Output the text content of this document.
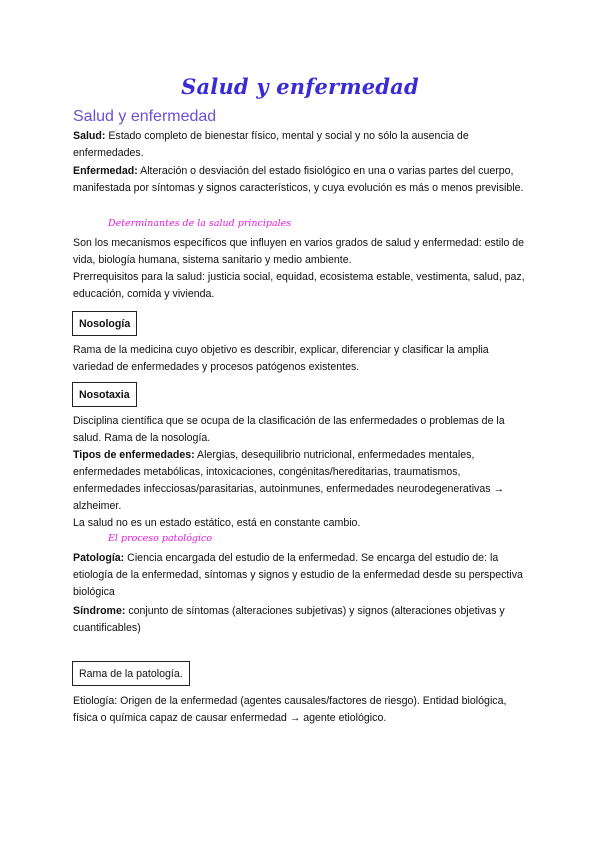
Salud y enfermedad
Salud y enfermedad

Salud: Estado completo de bienestar físico, mental y social y no sólo la ausencia de enfermedades.

Enfermedad: Alteración o desviación del estado fisiológico en una o varias partes del cuerpo, manifestada por síntomas y signos característicos, y cuya evolución es más o menos previsible.

Determinantes de la salud principales

Son los mecanismos específicos que influyen en varios grados de salud y enfermedad: estilo de vida, biología humana, sistema sanitario y medio ambiente.

Prerrequisitos para la salud: justicia social, equidad, ecosistema estable, vestimenta, salud, paz, educación, comida y vivienda.

Nosología

Rama de la medicina cuyo objetivo es describir, explicar, diferenciar y clasificar la amplia variedad de enfermedades y procesos patógenos existentes.

Nosotaxia

Disciplina científica que se ocupa de la clasificación de las enfermedades o problemas de la salud. Rama de la nosología.

Tipos de enfermedades: Alergias, desequilibrio nutricional, enfermedades mentales, enfermedades metabólicas, intoxicaciones, congénitas/hereditarias, traumatismos, enfermedades infecciosas/parasitarias, autoinmunes, enfermedades neurodegenerativas → alzheimer.

La salud no es un estado estático, está en constante cambio.

El proceso patológico

Patología: Ciencia encargada del estudio de la enfermedad. Se encarga del estudio de: la etiología de la enfermedad, síntomas y signos y estudio de la enfermedad desde su perspectiva biológica

Síndrome: conjunto de síntomas (alteraciones subjetivas) y signos (alteraciones objetivas y cuantificables)

Rama de la patología.

Etiología: Origen de la enfermedad (agentes causales/factores de riesgo). Entidad biológica, física o química capaz de causar enfermedad → agente etiológico.
